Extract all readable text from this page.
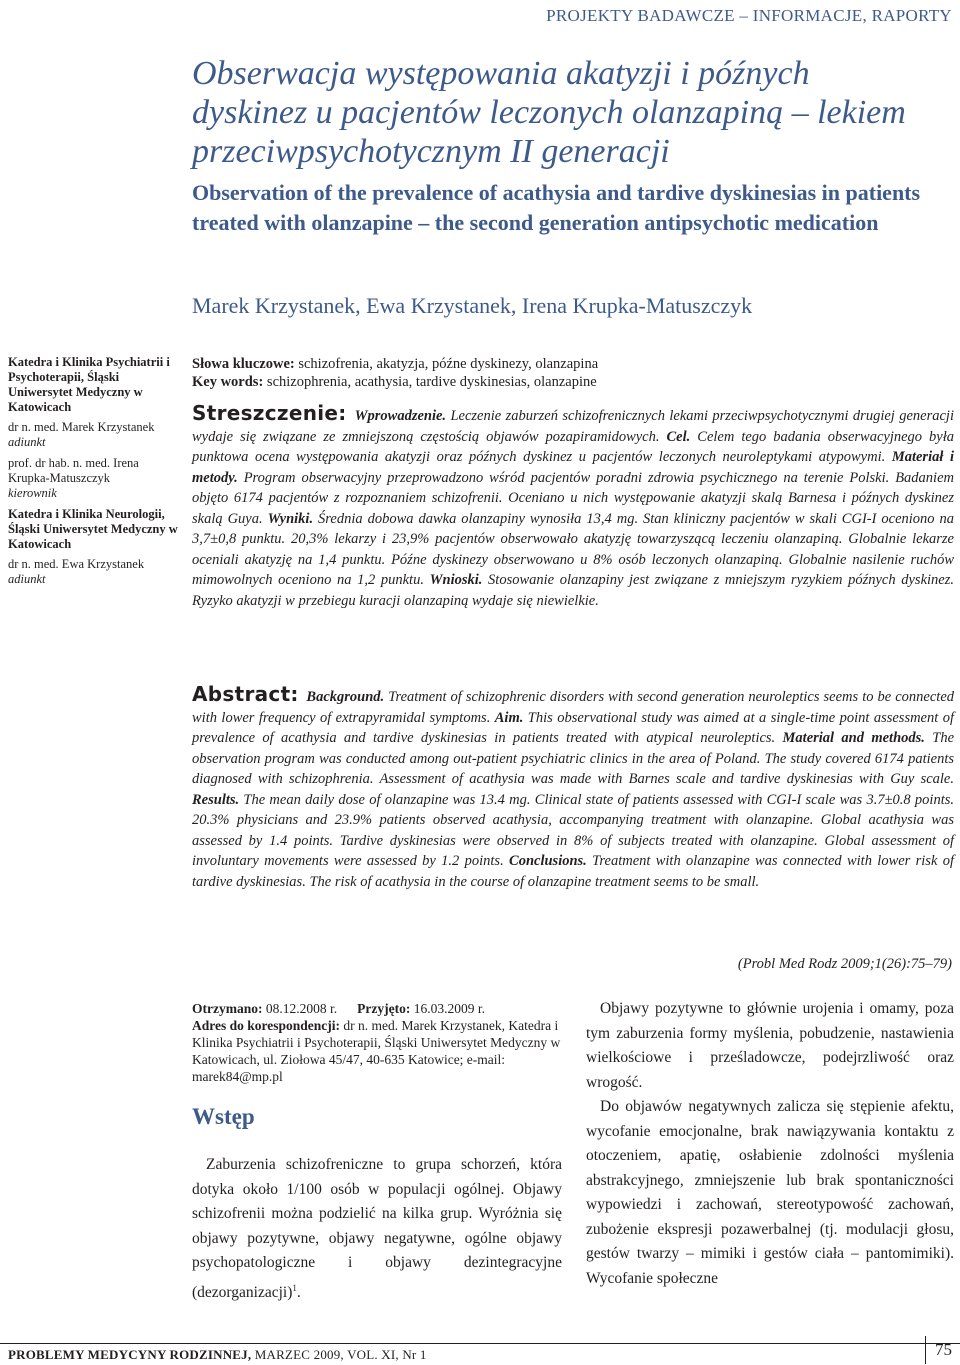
PROJEKTY BADAWCZE – INFORMACJE, RAPORTY
Obserwacja występowania akatyzji i późnych dyskinez u pacjentów leczonych olanzapiną – lekiem przeciwpsychotycznym II generacji
Observation of the prevalence of acathysia and tardive dyskinesias in patients treated with olanzapine – the second generation antipsychotic medication
Marek Krzystanek, Ewa Krzystanek, Irena Krupka-Matuszczyk

Katedra i Klinika Psychiatrii i Psychoterapii, Śląski Uniwersytet Medyczny w Katowicach

dr n. med. Marek Krzystanek

adiunkt

prof. dr hab. n. med. Irena Krupka-Matuszczyk

kierownik

Katedra i Klinika Neurologii, Śląski Uniwersytet Medyczny w Katowicach

dr n. med. Ewa Krzystanek

adiunkt

Słowa kluczowe: schizofrenia, akatyzja, późne dyskinezy, olanzapina
Key words: schizophrenia, acathysia, tardive dyskinesias, olanzapine
Streszczenie: Wprowadzenie. Leczenie zaburzeń schizofrenicznych lekami przeciwpsychotycznymi drugiej generacji wydaje się związane ze zmniejszoną częstością objawów pozapiramidowych. Cel. Celem tego badania obserwacyjnego była punktowa ocena występowania akatyzji oraz późnych dyskinez u pacjentów leczonych neuroleptykami atypowymi. Materiał i metody. Program obserwacyjny przeprowadzono wśród pacjentów poradni zdrowia psychicznego na terenie Polski. Badaniem objęto 6174 pacjentów z rozpoznaniem schizofrenii. Oceniano u nich występowanie akatyzji skalą Barnesa i późnych dyskinez skalą Guya. Wyniki. Średnia dobowa dawka olanzapiny wynosiła 13,4 mg. Stan kliniczny pacjentów w skali CGI-I oceniono na 3,7±0,8 punktu. 20,3% lekarzy i 23,9% pacjentów obserwowało akatyzję towarzyszącą leczeniu olanzapiną. Globalnie lekarze oceniali akatyzję na 1,4 punktu. Późne dyskinezy obserwowano u 8% osób leczonych olanzapiną. Globalnie nasilenie ruchów mimowolnych oceniono na 1,2 punktu. Wnioski. Stosowanie olanzapiny jest związane z mniejszym ryzykiem późnych dyskinez. Ryzyko akatyzji w przebiegu kuracji olanzapiną wydaje się niewielkie.
Abstract: Background. Treatment of schizophrenic disorders with second generation neuroleptics seems to be connected with lower frequency of extrapyramidal symptoms. Aim. This observational study was aimed at a single-time point assessment of prevalence of acathysia and tardive dyskinesias in patients treated with atypical neuroleptics. Material and methods. The observation program was conducted among out-patient psychiatric clinics in the area of Poland. The study covered 6174 patients diagnosed with schizophrenia. Assessment of acathysia was made with Barnes scale and tardive dyskinesias with Guy scale. Results. The mean daily dose of olanzapine was 13.4 mg. Clinical state of patients assessed with CGI-I scale was 3.7±0.8 points. 20.3% physicians and 23.9% patients observed acathysia, accompanying treatment with olanzapine. Global acathysia was assessed by 1.4 points. Tardive dyskinesias were observed in 8% of subjects treated with olanzapine. Global assessment of involuntary movements were assessed by 1.2 points. Conclusions. Treatment with olanzapine was connected with lower risk of tardive dyskinesias. The risk of acathysia in the course of olanzapine treatment seems to be small.
(Probl Med Rodz 2009;1(26):75–79)
Otrzymano: 08.12.2008 r. Przyjęto: 16.03.2009 r.
Adres do korespondencji: dr n. med. Marek Krzystanek, Katedra i Klinika Psychiatrii i Psychoterapii, Śląski Uniwersytet Medyczny w Katowicach, ul. Ziołowa 45/47, 40-635 Katowice; e-mail: marek84@mp.pl
Wstęp

Zaburzenia schizofreniczne to grupa schorzeń, która dotyka około 1/100 osób w populacji ogólnej. Objawy schizofrenii można podzielić na kilka grup. Wyróżnia się objawy pozytywne, objawy negatywne, ogólne objawy psychopatologiczne i objawy dezintegracyjne (dezorganizacji)$^1$.

Objawy pozytywne to głównie urojenia i omamy, poza tym zaburzenia formy myślenia, pobudzenie, nastawienia wielkościowe i prześladowcze, podejrzliwość oraz wrogość.

Do objawów negatywnych zalicza się stępienie afektu, wycofanie emocjonalne, brak nawiązywania kontaktu z otoczeniem, apatię, osłabienie zdolności myślenia abstrakcyjnego, zmniejszenie lub brak spontaniczności wypowiedzi i zachowań, stereotypowość zachowań, zubożenie ekspresji pozawerbalnej (tj. modulacji głosu, gestów twarzy – mimiki i gestów ciała – pantomimiki). Wycofanie społeczne

PROBLEMY MEDYCYNY RODZINNEJ, MARZEC 2009, VOL. XI, Nr 1	75
